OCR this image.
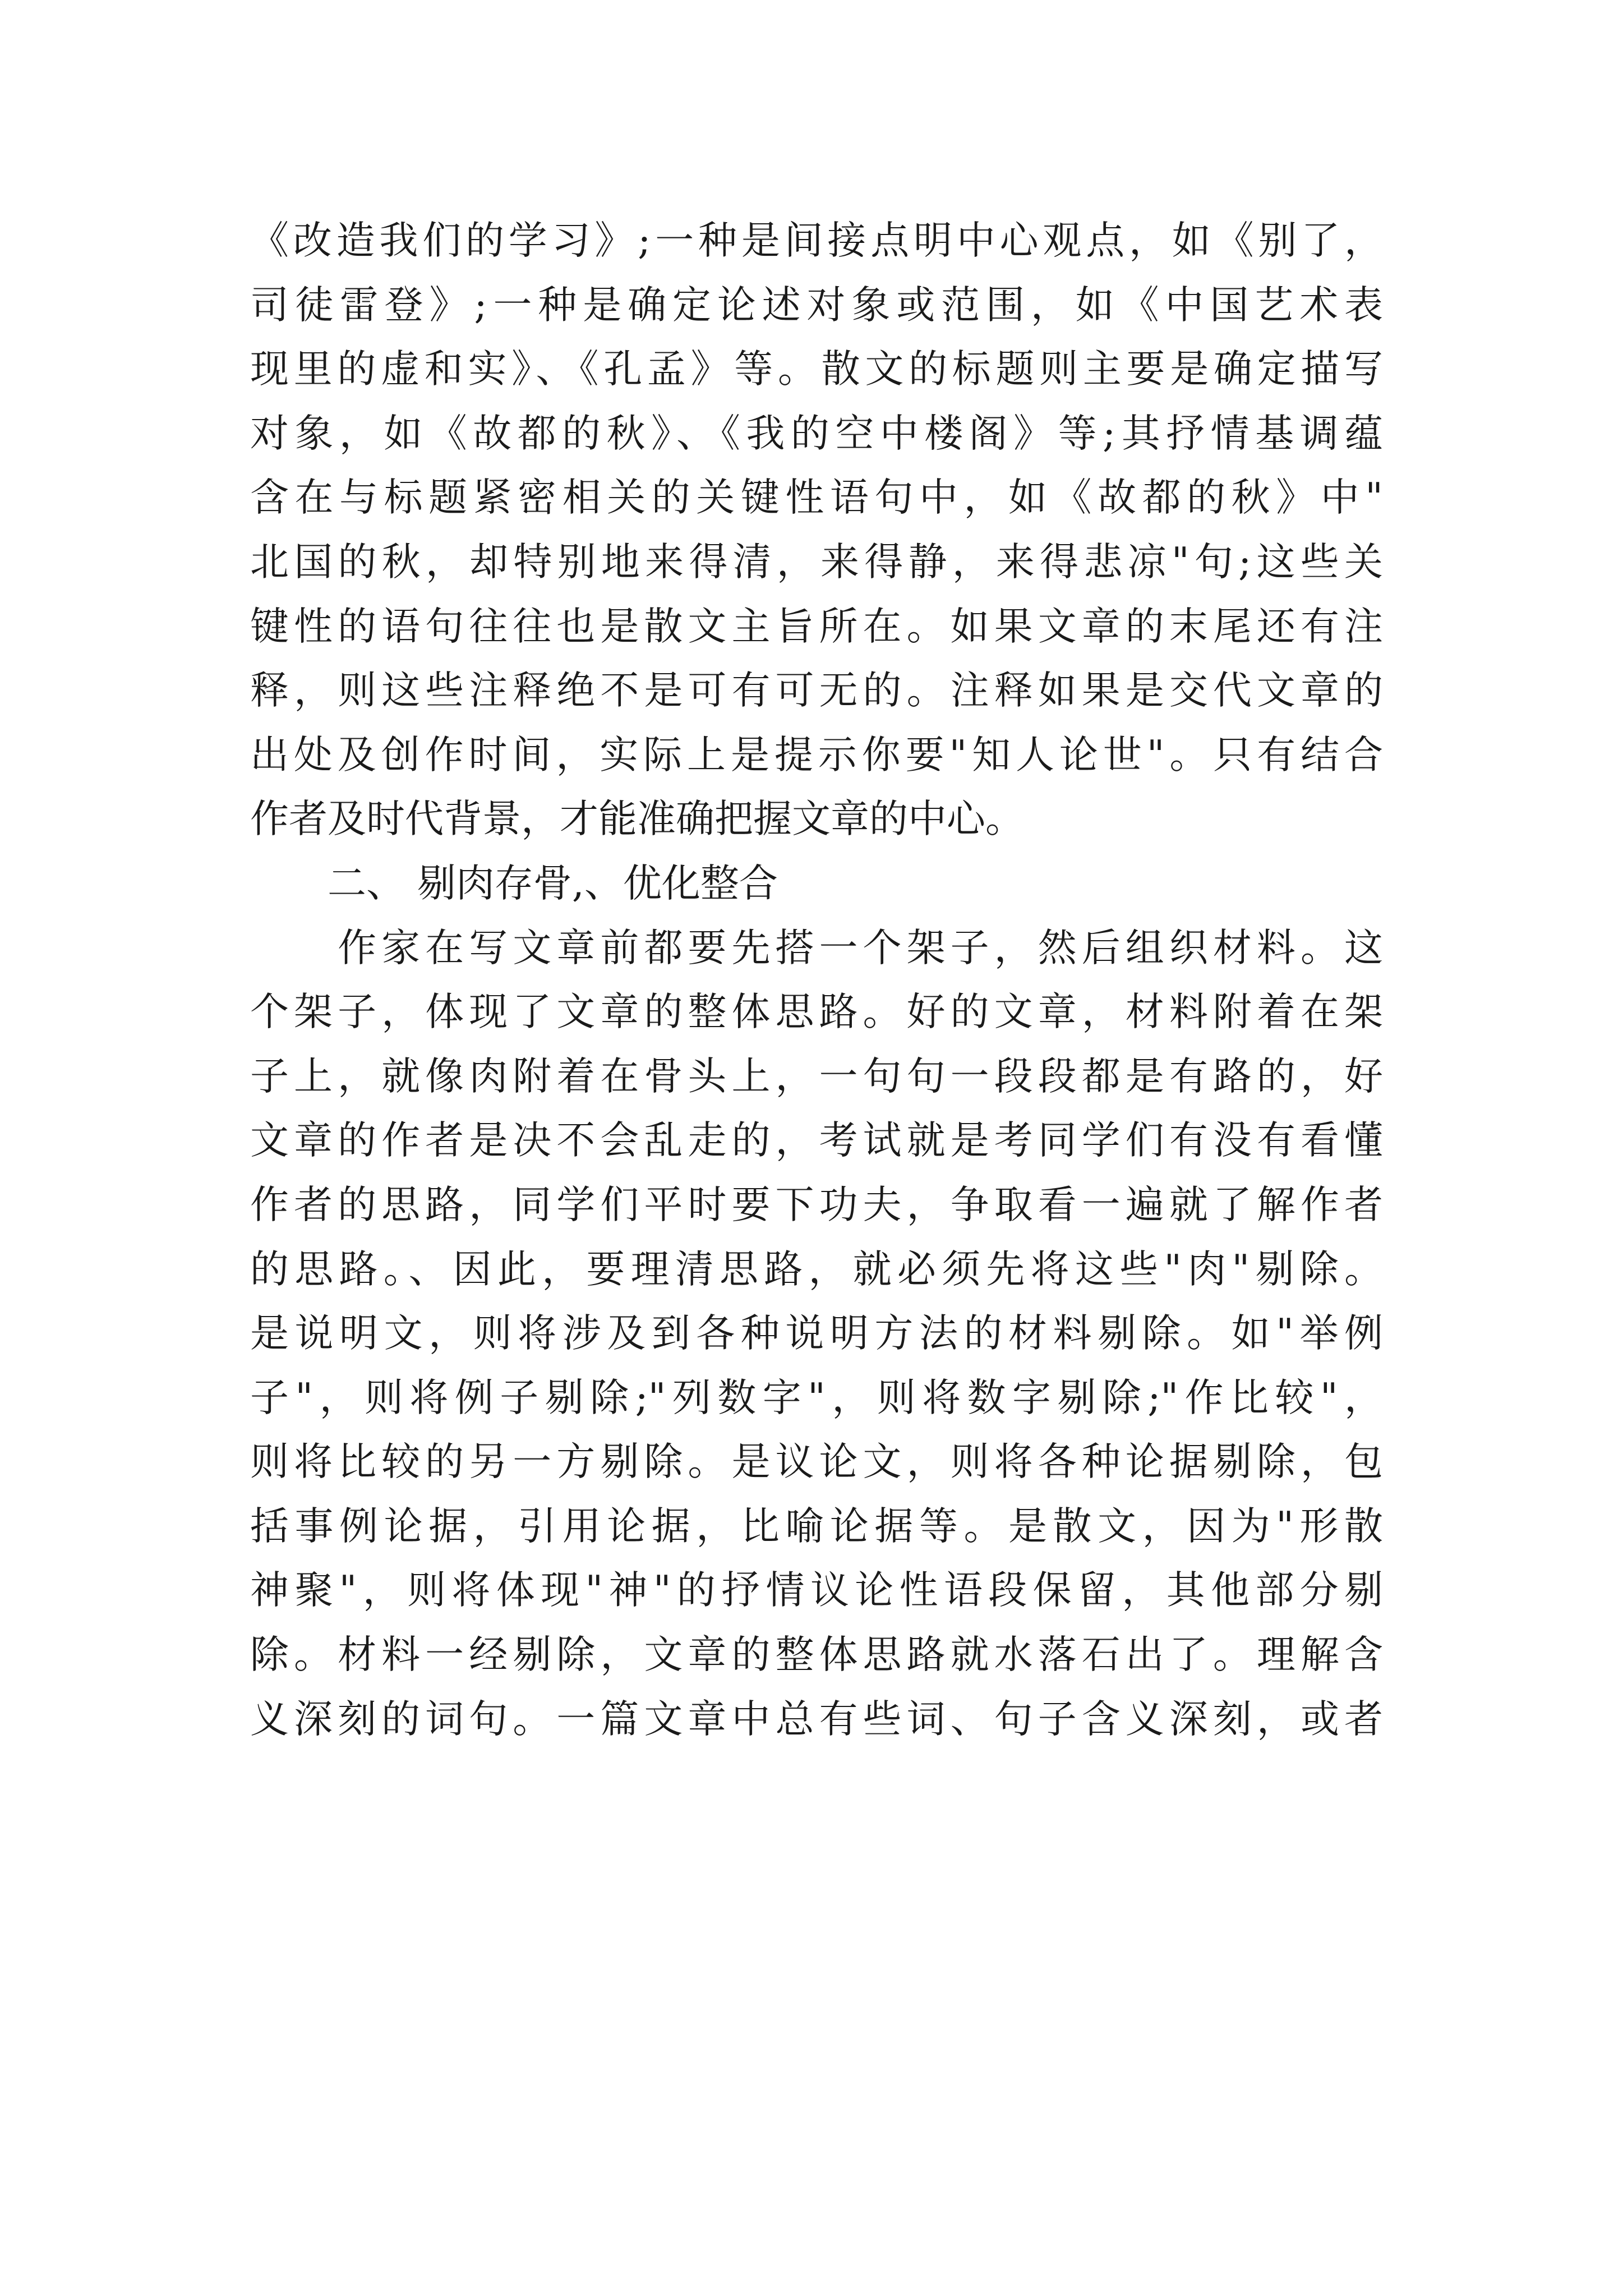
《改造我们的学习》;一种是间接点明中心观点，如《别了，
司徒雷登》;一种是确定论述对象或范围，如《中国艺术表
现里的虚和实》、《孔孟》等。散文的标题则主要是确定描写
对象，如《故都的秋》、《我的空中楼阁》等;其抒情基调蕴
含在与标题紧密相关的关键性语句中，如《故都的秋》中"
北国的秋，却特别地来得清，来得静，来得悲凉"句;这些关
键性的语句往往也是散文主旨所在。如果文章的末尾还有注
释，则这些注释绝不是可有可无的。注释如果是交代文章的
出处及创作时间，实际上是提示你要"知人论世"。只有结合
作者及时代背景，才能准确把握文章的中心。
　　二、 剔肉存骨,、优化整合
　　作家在写文章前都要先搭一个架子，然后组织材料。这
个架子，体现了文章的整体思路。好的文章，材料附着在架
子上，就像肉附着在骨头上，一句句一段段都是有路的，好
文章的作者是决不会乱走的，考试就是考同学们有没有看懂
作者的思路，同学们平时要下功夫，争取看一遍就了解作者
的思路。、因此，要理清思路，就必须先将这些"肉"剔除。
是说明文，则将涉及到各种说明方法的材料剔除。如"举例
子"，则将例子剔除;"列数字"，则将数字剔除;"作比较"，
则将比较的另一方剔除。是议论文，则将各种论据剔除，包
括事例论据，引用论据，比喻论据等。是散文，因为"形散
神聚"，则将体现"神"的抒情议论性语段保留，其他部分剔
除。材料一经剔除，文章的整体思路就水落石出了。理解含
义深刻的词句。一篇文章中总有些词、句子含义深刻，或者
